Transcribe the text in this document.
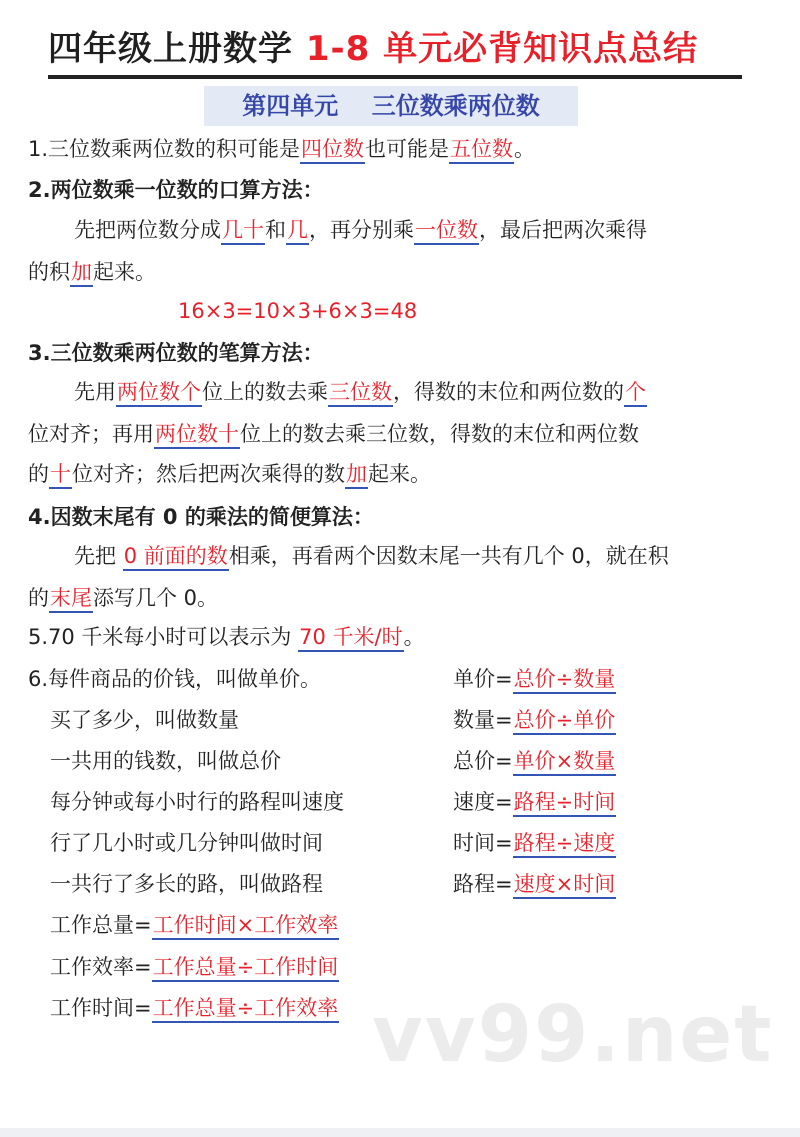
四年级上册数学 1-8 单元必背知识点总结
第四单元    三位数乘两位数
1.三位数乘两位数的积可能是四位数也可能是五位数。
2.两位数乘一位数的口算方法：
先把两位数分成几十和几，再分别乘一位数，最后把两次乘得
的积加起来。
16×3=10×3+6×3=48
3.三位数乘两位数的笔算方法：
先用两位数个位上的数去乘三位数，得数的末位和两位数的个
位对齐；再用两位数十位上的数去乘三位数，得数的末位和两位数
的十位对齐；然后把两次乘得的数加起来。
4.因数末尾有 0 的乘法的简便算法：
先把 0 前面的数相乘，再看两个因数末尾一共有几个 0，就在积
的末尾添写几个 0。
5.70 千米每小时可以表示为 70 千米/时。
6.每件商品的价钱，叫做单价。
买了多少，叫做数量
一共用的钱数，叫做总价
每分钟或每小时行的路程叫速度
行了几小时或几分钟叫做时间
一共行了多长的路，叫做路程
单价=总价÷数量
数量=总价÷单价
总价=单价×数量
速度=路程÷时间
时间=路程÷速度
路程=速度×时间
工作总量=工作时间×工作效率
工作效率=工作总量÷工作时间
工作时间=工作总量÷工作效率 vv99.net
